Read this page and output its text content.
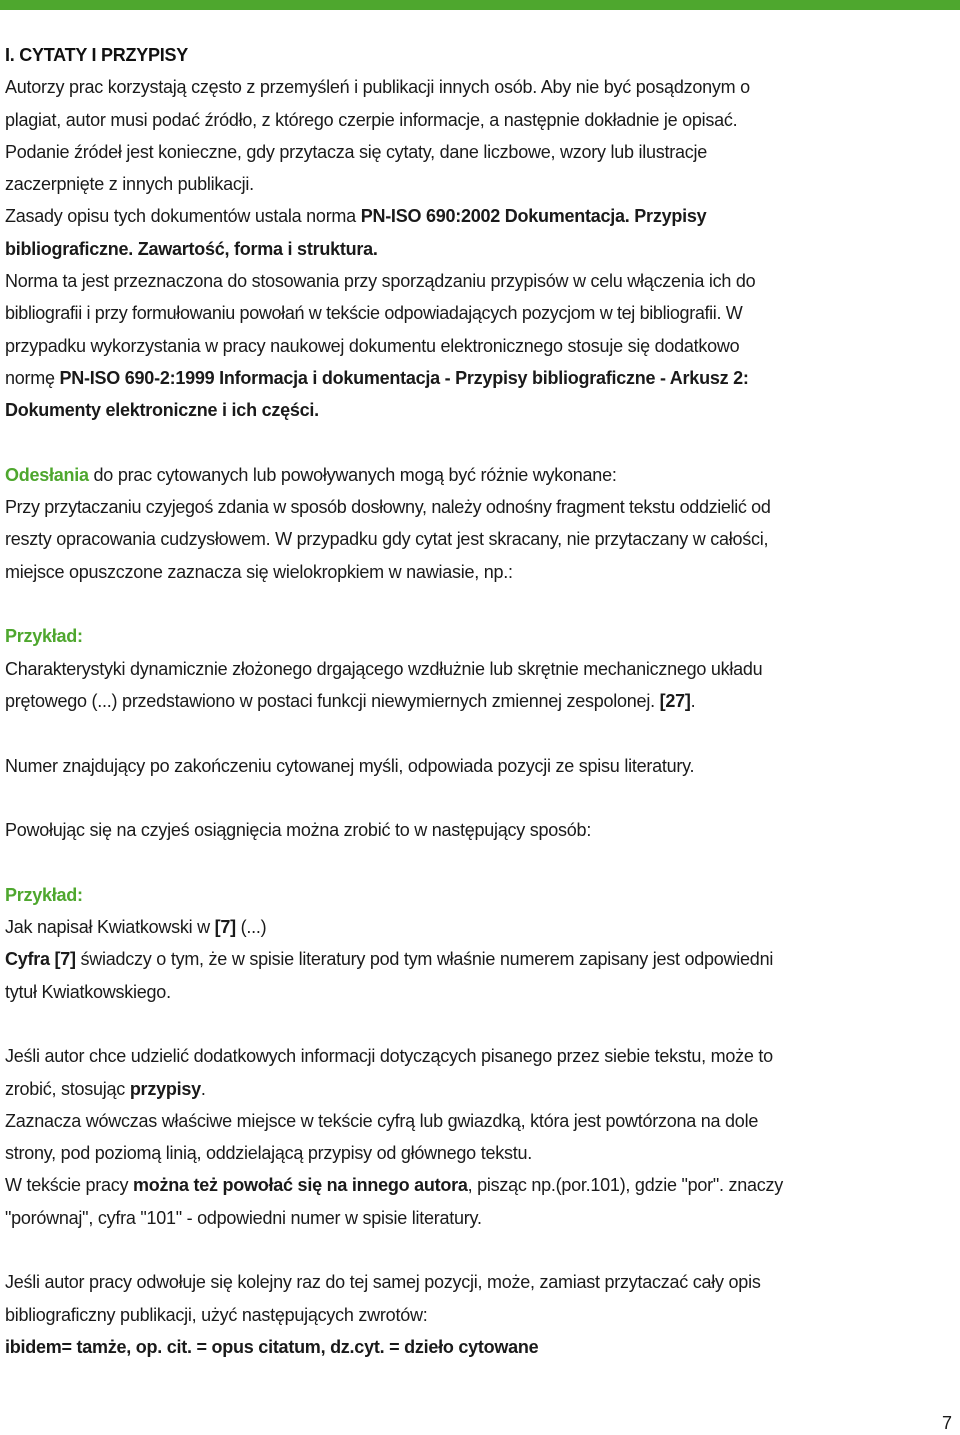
I. CYTATY I PRZYPISY
Autorzy prac korzystają często z przemyśleń i publikacji innych osób. Aby nie być posądzonym o
plagiat, autor musi podać źródło, z którego czerpie informacje, a następnie dokładnie je opisać.
Podanie źródeł jest konieczne, gdy przytacza się cytaty, dane liczbowe, wzory lub ilustracje
zaczerpnięte z innych publikacji.
Zasady opisu tych dokumentów ustala norma PN-ISO 690:2002 Dokumentacja. Przypisy
bibliograficzne. Zawartość, forma i struktura.
Norma ta jest przeznaczona do stosowania przy sporządzaniu przypisów w celu włączenia ich do
bibliografii i przy formułowaniu powołań w tekście odpowiadających pozycjom w tej bibliografii. W
przypadku wykorzystania w pracy naukowej dokumentu elektronicznego stosuje się dodatkowo
normę PN-ISO 690-2:1999 Informacja i dokumentacja - Przypisy bibliograficzne - Arkusz 2:
Dokumenty elektroniczne i ich części.
Odesłania do prac cytowanych lub powoływanych mogą być różnie wykonane:
Przy przytaczaniu czyjegoś zdania w sposób dosłowny, należy odnośny fragment tekstu oddzielić od
reszty opracowania cudzysłowem. W przypadku gdy cytat jest skracany, nie przytaczany w całości,
miejsce opuszczone zaznacza się wielokropkiem w nawiasie, np.:
Przykład:
Charakterystyki dynamicznie złożonego drgającego wzdłużnie lub skrętnie mechanicznego układu
prętowego (...) przedstawiono w postaci funkcji niewymiernych zmiennej zespolonej. [27].
Numer znajdujący po zakończeniu cytowanej myśli, odpowiada pozycji ze spisu literatury.
Powołując się na czyjeś osiągnięcia można zrobić to w następujący sposób:
Przykład:
Jak napisał Kwiatkowski w [7] (...)
Cyfra [7] świadczy o tym, że w spisie literatury pod tym właśnie numerem zapisany jest odpowiedni
tytuł Kwiatkowskiego.
Jeśli autor chce udzielić dodatkowych informacji dotyczących pisanego przez siebie tekstu, może to
zrobić, stosując przypisy.
Zaznacza wówczas właściwe miejsce w tekście cyfrą lub gwiazdką, która jest powtórzona na dole
strony, pod poziomą linią, oddzielającą przypisy od głównego tekstu.
W tekście pracy można też powołać się na innego autora, pisząc np.(por.101), gdzie "por". znaczy
"porównaj", cyfra "101" - odpowiedni numer w spisie literatury.
Jeśli autor pracy odwołuje się kolejny raz do tej samej pozycji, może, zamiast przytaczać cały opis
bibliograficzny publikacji, użyć następujących zwrotów:
ibidem= tamże, op. cit. = opus citatum, dz.cyt. = dzieło cytowane
7
